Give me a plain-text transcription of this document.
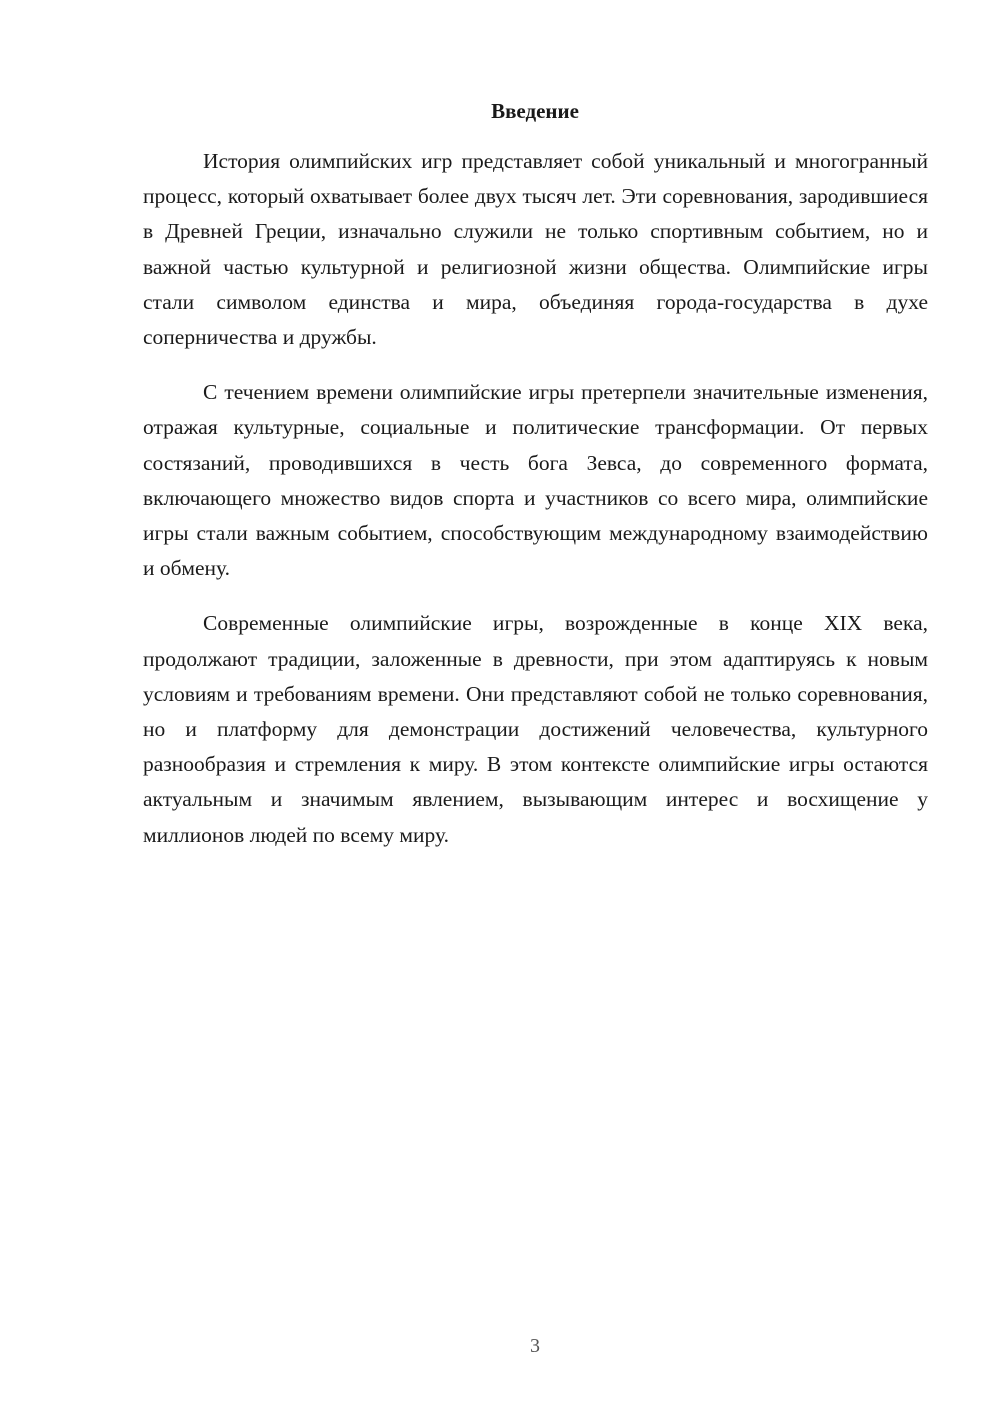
Введение

История олимпийских игр представляет собой уникальный и многогранный процесс, который охватывает более двух тысяч лет. Эти соревнования, зародившиеся в Древней Греции, изначально служили не только спортивным событием, но и важной частью культурной и религиозной жизни общества. Олимпийские игры стали символом единства и мира, объединяя города-государства в духе соперничества и дружбы.

С течением времени олимпийские игры претерпели значительные изменения, отражая культурные, социальные и политические трансформации. От первых состязаний, проводившихся в честь бога Зевса, до современного формата, включающего множество видов спорта и участников со всего мира, олимпийские игры стали важным событием, способствующим международному взаимодействию и обмену.

Современные олимпийские игры, возрожденные в конце XIX века, продолжают традиции, заложенные в древности, при этом адаптируясь к новым условиям и требованиям времени. Они представляют собой не только соревнования, но и платформу для демонстрации достижений человечества, культурного разнообразия и стремления к миру. В этом контексте олимпийские игры остаются актуальным и значимым явлением, вызывающим интерес и восхищение у миллионов людей по всему миру.

3
